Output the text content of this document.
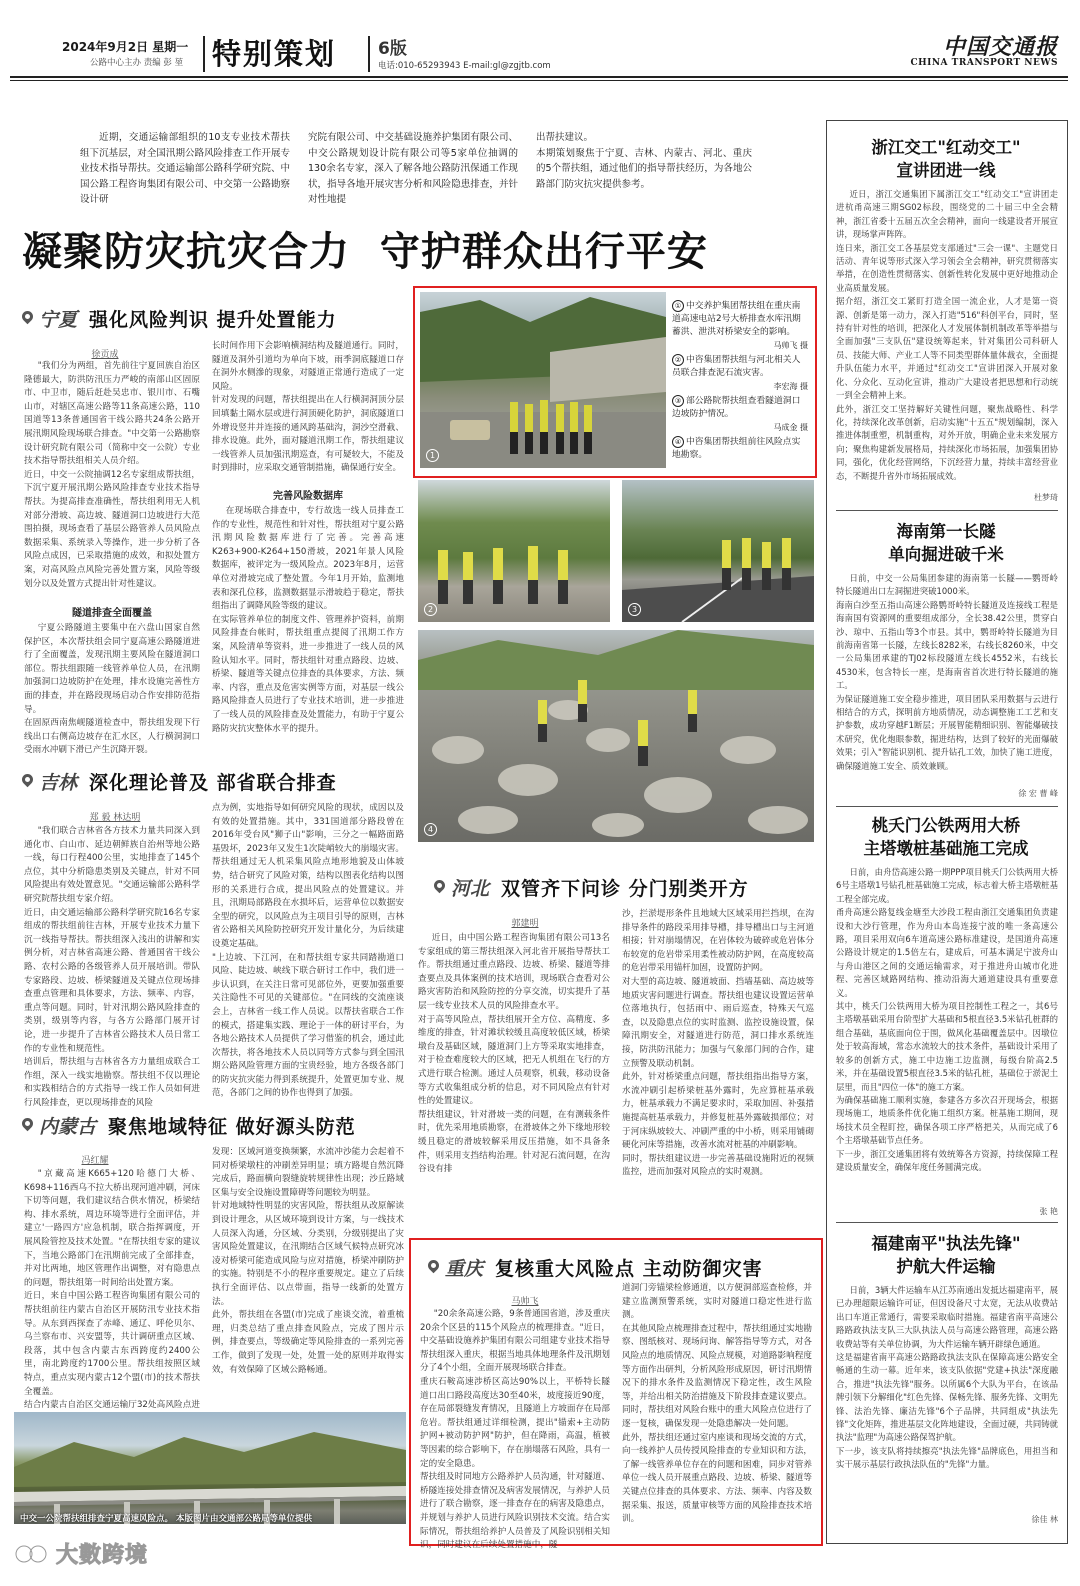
2024年9月2日 星期一
公路中心主办 责编 彭 堃 特别策划 6版
电话:010-65293943 E-mail:gl@zgjtb.com
中国交通报
CHINA TRANSPORT NEWS
近期，交通运输部组织的10支专业技术帮扶组下沉基层，对全国汛期公路风险排查工作开展专业技术指导帮扶。交通运输部公路科学研究院、中国公路工程咨询集团有限公司、中交第一公路勘察设计研
究院有限公司、中交基础设施养护集团有限公司、中交公路规划设计院有限公司等5家单位抽调的130余名专家，深入了解各地公路防汛保通工作现状，指导各地开展灾害分析和风险隐患排查，并针对性地提
出帮扶建议。
本期策划聚焦于宁夏、吉林、内蒙古、河北、重庆的5个帮扶组，通过他们的指导帮扶经历，为各地公路部门防灾抗灾提供参考。
凝聚防灾抗灾合力  守护群众出行平安
宁夏 强化风险判识 提升处置能力
徐贡成
"我们分为两组，首先前往宁夏回族自治区隆德最大，防洪防汛压力严峻的南部山区固原市、中卫市，随后赶赴吴忠市、银川市、石嘴山市，对辖区高速公路等11条高速公路，110国道等13条普通国省干线公路共24条公路开展汛期风险现场联合排查。"中交第一公路勘察设计研究院有限公司（简称中交一公院）专业技术指导帮扶组相关人员介绍。
近日，中交一公院抽调12名专家组成帮扶组，下沉宁夏开展汛期公路风险排查专业技术指导帮扶。为提高排查准确性，帮扶组利用无人机对部分滑坡、高边坡、隧道洞口边坡进行大范围拍摄，现场查看了基层公路管养人员风险点数据采集、系统录入等操作，进一步分析了各风险点成因，已采取措施的成效，和拟处置方案，对高风险点风险完善处置方案，风险等级划分以及处置方式提出针对性建议。
隧道排查全面覆盖
宁夏公路隧道主要集中在六盘山国家自然保护区，本次帮扶组会同宁夏高速公路隧道进行了全面覆盖，发现汛期主要风险在隧道洞口部位。帮扶组跟随一线管养单位人员，在汛期加强洞口边坡防护在处理，排水设施完善性方面的排查，并在路段现场启动合作安排防范指导。
在固原西南焦岘隧道检查中，帮扶组发现下行线出口右侧高边坡存在汇水区，人行横洞洞口受雨水冲刷下滑已产生沉降开裂。
长时间作用下会影响横洞结构及隧道通行。同时，隧道及洞外引道均为单向下坡，雨季洞底隧道口存在洞外水侧滲的现象，对隧道正常通行造成了一定风险。
针对发现的问题，帮扶组提出在人行横洞洞顶分层回填黏土隔水层或进行洞顶硬化防护，洞底隧道口外增设竖井并连接的通风跨基础沟，洞沙空滑截、排水设施。此外，面对隧道汛期工作，帮扶组建议一线管养人员加强汛期巡查，有可疑较大，不能及时到排时，应采取交通管制措施，确保通行安全。
完善风险数据库
在现场联合排查中，专行故选一线人员排查工作的专业性，规范性和针对性，帮扶组对宁夏公路汛期风险数据库进行了完善。完善高速K263+900-K264+150滑坡，2021年景人风险数据库，被评定为一级风险点。2023年8月，运营单位对滑坡完成了整处置。今年1月开始，监测地表和深孔位移，监测数据显示滑坡趋于稳定，帮扶组指出了调降风险等级的建议。
在实际管养单位的制度文件、管理养护资料，前期风险排查台帐时，帮扶组重点提阅了汛期工作方案，风险清单等资料，进一步推进了一线人员的风险认知水平。同时，帮扶组针对重点路段、边坡、桥梁、隧道等关键点位排查的具体要求，方法、频率、内容，重点及危害实例等方面，对基层一线公路风险排查人员进行了专业技术培训，进一步推进了一线人员的风险排查及处置能力，有助于宁夏公路防灾抗灾整体水平的提升。
吉林 深化理论普及 部省联合排查
郑 毅 林达明
"我们联合吉林省各方技术力量共同深入到通化市、白山市、延边朝鲜族自治州等地公路一线，每口行程400公里，实地排查了145个点位，其中分析隐患类别及关键点，针对不同风险提出有效处置意见。"交通运输部公路科学研究院帮扶组专家介绍。
近日，由交通运输部公路科学研究院16名专家组成的帮扶组前往吉林，开展专业技术力量下沉一线指导帮扶。帮扶组深入浅出的讲解和实例分析，对吉林省高速公路、普通国省干线公路、农村公路的各级管养人员开展培训。带队专家路段、边坡、桥梁隧道及关键点位现场排查重点管理和具体要求，方法、频率、内容，重点等问题。同时，针对汛期公路风险排查的类别，级别等内容，与各方公路部门展开讨论，进一步提升了吉林省公路技术人员日常工作的专业性和规范性。
培训后，帮扶组与吉林省各方力量组成联合工作组，深入一线实地勘察。帮扶组不仅以理论和实践相结合的方式指导一线工作人员如何进行风险排查，更以现场排查的风险
点为例，实地指导如何研究风险的现状，成因以及有效的处置措施。其中，331国道部分路段曾在2016年受台风"狮子山"影响，三分之一幅路面路基毁坏，2023年又发生1次陡峭较大的崩塌灾害。帮扶组通过无人机采集风险点地形地貌及山体坡势，结合研究了风险对策，结构以图表化结构以图形的关系进行合成，提出风险点的处置建议。并且，汛期局部路段在水损坏后，运营单位以数据安全型的研究，以风险点为主项目引导的原则，吉林省公路相关风险防控研究开发计量化分，为后续建设奠定基础。
"上边坡、下江河，在和帮扶组专家共同踏勘道口风险、陡边坡、峡线下联合研讨工作中，我们进一步认识到，在关注日常可见部位外，更要加强重要关注隐性不可见的关键部位。"在同线的交流座谈会上，吉林省一线工作人员说。以帮扶省联合工作的模式，搭建集实践、理论于一体的研讨平台，为各地公路技术人员提供了学习借鉴的机会，通过此次帮扶，将各地技术人员以同等方式参与到全国汛期公路风险管理方面的宝贵经验，地方各级各部门的防灾抗灾能力得到系统提升，处置更加专业、规范，各部门之间的协作也得到了加强。
内蒙古 聚焦地域特征 做好源头防范
冯红耀
"京藏高速K665+120哈德门大桥、K698+116西乌不拉大桥出现河道冲刷，河床下切等问题，我们建议结合供水情况，桥梁结构、排水系统，周边环境等进行全面评估，并建立'一路四方'应急机制，联合指挥调度，开展风险管控及技术处置。"在帮扶组专家的建议下，当地公路部门在汛期前完成了全部排查，并对比两地，地区管理作出调整，对有隐患点的问题，帮扶组第一时间给出处置方案。
近日，来自中国公路工程咨询集团有限公司的帮扶组前往内蒙古自治区开展防汛专业技术指导。从东到西探查了赤峰、通辽、呼伦贝尔、乌兰察布市、兴安盟等，共计调研重点区域、段落，其中包含内蒙古东西跨度约2400公里，南北跨度约1700公里。帮扶组按照区域特点，重点实现内蒙古12个盟(市)的技术帮扶全覆盖。
结合内蒙古自治区交通运输厅32处高风险点进
发现：区域河道变换频繁，水流冲沙能力会起着不同对桥梁墩柱的冲刷差异明显；填方路堤自然沉降完成后，路面横向裂缝旋转规律性出现；沙丘路域区集与安全设施设置障碍等问题较为明显。
针对地域特性明显的灾害风险，帮扶组从改原解读到设计理念，从区域环境到设计方案，与一线技术人员深入沟通，分区域、分类别，分级别提出了灾害风险处置建议，在汛期结合区域气候特点研究冰凌对桥梁可能造成风险与应对措施，桥梁冲刷防护的实施。特别是不小的程序重要规定。建立了后续执行全面评估、以点带面，指导一线新的处置方法。
此外，帮扶组在各盟(市)完成了座谈交流，着重梳理，归类总结了重点排查风险点，完成了图片示例，排查要点，等级确定等风险排查的一系列完善工作，做到了发现一处，处置一处的原则并取得实效，有效保障了区域公路畅通。
中交一公院帮扶组排查宁夏高速风险点。 本版图片由交通部公路局等单位提供
1
① 中交养护集团帮扶组在重庆南道高速电站2号大桥排查水库汛期蓄洪、泄洪对桥梁安全的影响。
马帅飞 摄
② 中咨集团帮扶组与河北相关人员联合排查泥石流灾害。
李宏海 摄
③ 部公路院帮扶组查看隧道洞口边坡防护情况。
马成金 摄
④ 中咨集团帮扶组前往风险点实地勘察。
2	3
4
河北 双管齐下问诊 分门别类开方
郭建明
近日，由中国公路工程咨询集团有限公司13名专家组成的第三帮扶组深入河北省开展指导帮扶工作。帮扶组通过重点路段、边坡、桥梁、隧道等排查要点及具体案例的技术培训，现场联合查看对公路灾害防治和风险防控的分享交流，切实提升了基层一线专业技术人员的风险排查水平。
对于高等风险点，帮扶组展开全方位、高精度、多维度的排查，针对滩状较缓且高度较低区域，桥梁墩台及基础区域，隧道洞门上方等采取实地排查，对于检查难度较大的区域，把无人机组在飞行的方式进行联合检测。通过人员观察，机载，移动设备等方式收集组成分析的信息，对不同风险点有针对性的处置建议。
帮扶组建议，针对滑坡一类的问题，在有测载条件时，优先采用地质勘察，在滑坡体之外下缘地形较缓且稳定的滑坡较解采用反压措施，如不具备条件，则采用支挡结构治理。针对泥石流问题，在沟谷设有排
沙，拦淤堤形条件且地域大区域采用拦挡坝，在沟排导条件的路段采用排导槽，排导槽出口与主河道相接；针对崩塌情况，在岩体较为破碎或危岩体分布较宽的危岩带采用柔性被动防护网，在高度较高的危岩带采用锚杆加固，设置防护网。
对大型的高边坡、隧道坡面、挡墙基础、高边坡等地质灾害问题进行调查。帮扶组也建议设置运营单位落地执行，包括雨中、雨后巡查，特殊天气巡查，以及隐患点位的实时监测、监控设施设置，保障汛期安全，对隧道进行防范，洞口排水系统连接，防洪防汛能力；加强与气象部门间的合作，建立预警及联动机制。
此外，针对桥梁重点问题，帮扶组指出指导方案，水流冲刷引起桥梁桩基外露时，先应算桩基承载力，桩基承载力不满足要求时，采取加固、补强措施提高桩基承载力，并修复桩基外露破损部位；对于河床纵坡较大、冲刷严重的中小桥，则采用铺砌硬化河床等措施，改善水流对桩基的冲刷影响。
同时，帮扶组建议进一步完善基础设施附近的视频监控，进而加强对风险点的实时观测。
重庆 复核重大风险点 主动防御灾害
马帅飞
"20余条高速公路，9条普通国省道，涉及重庆20余个区县的115个风险点的梳理排查。"近日，中交基础设施养护集团有限公司组建专业技术指导帮扶组深入重庆，根据当地具体地理条件及汛期划分了4个小组，全面开展现场联合排查。
重庆石鞍高速涉桥区高达90%以上，平桥特长隧道口出口路段高度达30至40米，坡度接近90度，存在局部裂缝发育情况，且隧道上方坡面存在局部危岩。帮扶组通过详细检测，提出"锚索+主动防护网+被动防护网"防护，但在降雨，高温，植被等因素的综合影响下，存在崩塌落石风险，具有一定的安全隐患。
帮扶组及时同地方公路养护人员沟通，针对隧道、桥隧连接处排查情况及病害发展情况，与养护人员进行了联合勘察，逐一排查存在的病害及隐患点，并规划与养护人员进行风险识别技术交流。结合实际情况，帮扶组给养护人员普及了风险识别相关知识，同时建议在后续处置措施中，隧
道洞门旁锚梁检修通道，以方便洞部巡查检修，并建立监测预警系统，实时对隧道口稳定性进行监测。
在其他风险点梳理排查过程中，帮扶组通过实地勘察、图纸核对、现场问询、解答指导等方式，对各风险点的地质情况、风险点规模，对道路影响程度等方面作出研判，分析风险形成原因，研讨汛期情况下的排水条件及监测情况下稳定性，改生风险等，并给出相关防治措施及下阶段排查建议要点。同时，帮扶组对风险台账中的重大风险点位进行了逐一复核，确保发现一处隐患解决一处问题。
此外，帮扶组还通过室内座谈和现场交流的方式，向一线养护人员传授风险排查的专业知识和方法，了解一线管养单位存在的问题和困难，同步对管养单位一线人员开展重点路段、边坡、桥梁、隧道等关键点位排查的具体要求、方法、频率、内容及数据采集、报送，质量审核等方面的风险排查技术培训。
浙江交工"红动交工"
宣讲团进一线
近日，浙江交通集团下属浙江交工"红动交工"宣讲团走进杭甬高速三期SG02标段，围绕党的二十届三中全会精神，浙江省委十五届五次全会精神，面向一线建设者开展宣讲，现场掌声阵阵。
连日来，浙江交工各基层党支部通过"三会一课"、主题党日活动、青年说等形式深入学习领会全会精神，研究贯彻落实举措，在创造性贯彻落实、创新性转化发展中更好地推动企业高质量发展。
据介绍，浙江交工紧盯打造全国一流企业，人才是第一资源、创新是第一动力，深入打造"516"科创平台，同时，坚持有针对性的培训，把深化人才发展体制机制改革等举措与全面加强"三支队伍"建设统筹起来，针对集团公司科研人员、技能大师、产业工人等不同类型群体量体裁衣，全面提升队伍能力水平，并通过"红动交工"宣讲团深入开展对象化、分众化、互动化宣讲，推动广大建设者把思想和行动统一到全会精神上来。
此外，浙江交工坚持解好关键性问题，聚焦战略性、科学化，持续深化改革创新，启动实施"十五五"规划编制，深入推进体制重塑，机制重构，对外开放，明确企业未来发展方向；聚焦构建新发展格局，持续深化市场拓展，加强集团协同，强化，优化经营网络，下沉经营力量，持续丰富经营业态，不断提升省外市场拓展成效。
杜梦琦
海南第一长隧
单向掘进破千米
日前，中交一公局集团参建的海南第一长隧——鹦哥岭特长隧道出口左洞掘进突破1000米。
海南白沙至五指山高速公路鹦哥岭特长隧道及连接线工程是海南国有资源网的重要组成部分，全长38.42公里，贯穿白沙、琼中、五指山等3个市县。其中，鹦哥岭特长隧道为目前海南省第一长隧，左线长8282米，右线长8260米，中交一公局集团承建的TJ02标段隧道左线长4552米，右线长4530米，包含特长一座，是海南省首次进行特长隧道的施工。
为保证隧道施工安全稳步推进，项目团队采用数据与云进行相结合的方式，探明前方地质情况，动态调整施工工艺和支护参数，成功穿越F1断层；开展智能精细识别、智能爆破技术研究，优化炮眼参数，掘进结构，达到了较好的光面爆破效果；引入"智能识别机、提升钻孔工效，加快了施工进度，确保隧道施工安全、质效兼顾。
徐 宏 曹 峰
桃夭门公铁两用大桥
主塔墩桩基础施工完成
日前，由舟岱高速公路一期PPP项目桃夭门公铁两用大桥6号主塔墩1号钻孔桩基础施工完成，标志着大桥主塔墩桩基工程全部完成。
甬舟高速公路复线金塘至大沙段工程由浙江交通集团负责建设和大沙行管理，作为舟山本岛连接宁波的唯一条高速公路，项目采用双向6车道高速公路标准建设，是国道舟高速公路设计规定的1.5倍左右，建成后，可基本满足宁波舟山与舟山港区之间的交通运输需求，对于推进舟山城市化进程、完善区域路网结构、推动沿海大通道建设具有重要意义。
其中，桃夭门公铁两用大桥为项目控制性工程之一，其6号主塔墩基础采用台阶型扩大基础和5根直径3.5米钻孔桩群的组合基础，基底面向位于围，做风化基础覆盖层中。因墩位处于较高海域，常态水流较大的技术条件，基础设计采用了较多的创新方式，施工中边施工边监测，每级台阶高2.5米，并在基础设置5根直径3.5米的钻孔桩，基础位于淤泥土层里，而且"四位一体"的施工方案。
为确保基础施工顺利实施，参建各方多次召开现场会，根据现场施工，地质条件优化施工组织方案。桩基施工期间，现场技术员全程盯控，确保各项工序严格把关，从而完成了6个主塔墩基础节点任务。
下一步，浙江交通集团将有效统筹各方资源，持续保障工程建设质量安全，确保年度任务圆满完成。
张 艳
福建南平"执法先锋"
护航大件运输
日前，3辆大件运输车从江苏南通出发抵达福建南平，展已办理超限运输许可证，但因设备尺寸太宽，无法从收费站出口车道正常通行，需要采取临时措施。福建省南平高速公路路政执法支队三大队执法人员与高速公路管理，高速公路收费站等有关单位协调，为大件运输车辆开辟绿色通道。
这是福建省南平高速公路路政执法支队在保障高速公路安全畅通的生动一幕。近年来，该支队依据"党建+执法"深度融合，推进"执法先锋"服务。以所属6个大队为平台，在该品牌引领下分解细化"红色先锋、保畅先锋、服务先锋、文明先锋、法治先锋、廉洁先锋"6个子品牌，共同组成"执法先锋"文化矩阵，推进基层文化阵地建设，全面过硬，共同铸就执法"监理"为高速公路保驾护航。
下一步，该支队将持续擦亮"执法先锋"品牌底色，用担当和实干展示基层行政执法队伍的"先锋"力量。
徐佳 林
大數跨境
